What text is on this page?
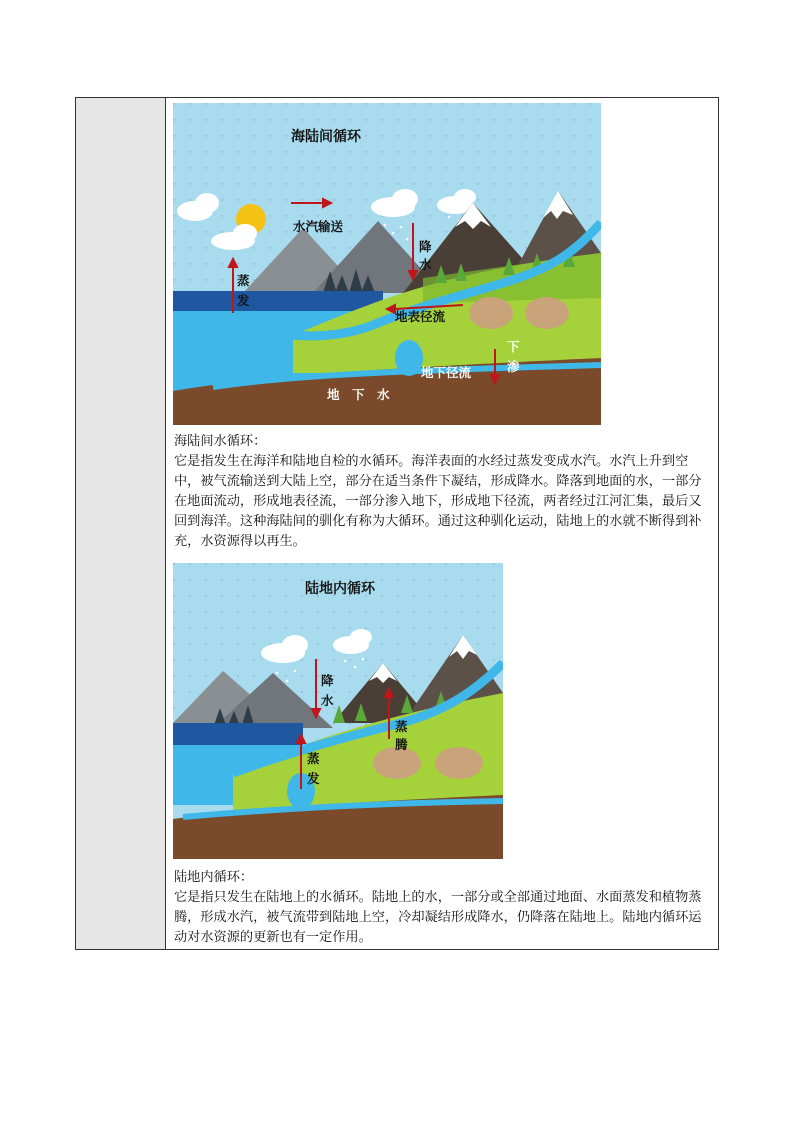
海陆间循环
水汽输送
降
水
蒸
发
地表径流
下
渗
地下径流
地　下　水

海陆间水循环：
它是指发生在海洋和陆地自检的水循环。海洋表面的水经过蒸发变成水汽。水汽上升到空中，被气流输送到大陆上空，部分在适当条件下凝结，形成降水。降落到地面的水，一部分在地面流动，形成地表径流，一部分渗入地下，形成地下径流，两者经过江河汇集，最后又回到海洋。这种海陆间的驯化有称为大循环。通过这种驯化运动，陆地上的水就不断得到补充，水资源得以再生。

陆地内循环
降
水
蒸
腾
蒸
发

陆地内循环：
它是指只发生在陆地上的水循环。陆地上的水，一部分或全部通过地面、水面蒸发和植物蒸腾，形成水汽，被气流带到陆地上空，冷却凝结形成降水，仍降落在陆地上。陆地内循环运动对水资源的更新也有一定作用。
